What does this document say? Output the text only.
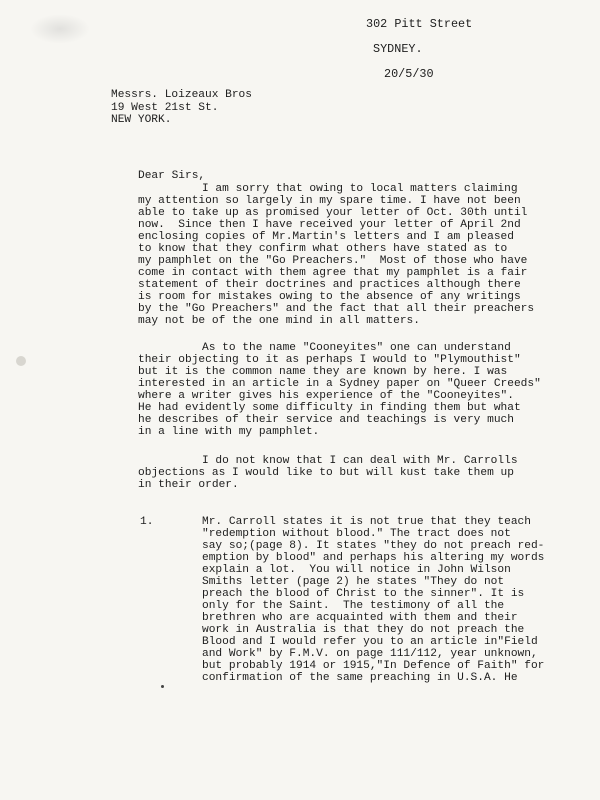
302 Pitt Street
SYDNEY.
20/5/30
Messrs. Loizeaux Bros
19 West 21st St.
NEW YORK.
Dear Sirs,
I am sorry that owing to local matters claiming
my attention so largely in my spare time. I have not been
able to take up as promised your letter of Oct. 30th until
now.  Since then I have received your letter of April 2nd
enclosing copies of Mr.Martin's letters and I am pleased
to know that they confirm what others have stated as to
my pamphlet on the "Go Preachers."  Most of those who have
come in contact with them agree that my pamphlet is a fair
statement of their doctrines and practices although there
is room for mistakes owing to the absence of any writings
by the "Go Preachers" and the fact that all their preachers
may not be of the one mind in all matters.
As to the name "Cooneyites" one can understand
their objecting to it as perhaps I would to "Plymouthist"
but it is the common name they are known by here. I was
interested in an article in a Sydney paper on "Queer Creeds"
where a writer gives his experience of the "Cooneyites".
He had evidently some difficulty in finding them but what
he describes of their service and teachings is very much
in a line with my pamphlet.
I do not know that I can deal with Mr. Carrolls
objections as I would like to but will kust take them up
in their order.
1.	Mr. Carroll states it is not true that they teach
"redemption without blood." The tract does not
say so;(page 8). It states "they do not preach red-
emption by blood" and perhaps his altering my words
explain a lot.  You will notice in John Wilson
Smiths letter (page 2) he states "They do not
preach the blood of Christ to the sinner". It is
only for the Saint.  The testimony of all the
brethren who are acquainted with them and their
work in Australia is that they do not preach the
Blood and I would refer you to an article in"Field
and Work" by F.M.V. on page 111/112, year unknown,
but probably 1914 or 1915,"In Defence of Faith" for
confirmation of the same preaching in U.S.A. He
